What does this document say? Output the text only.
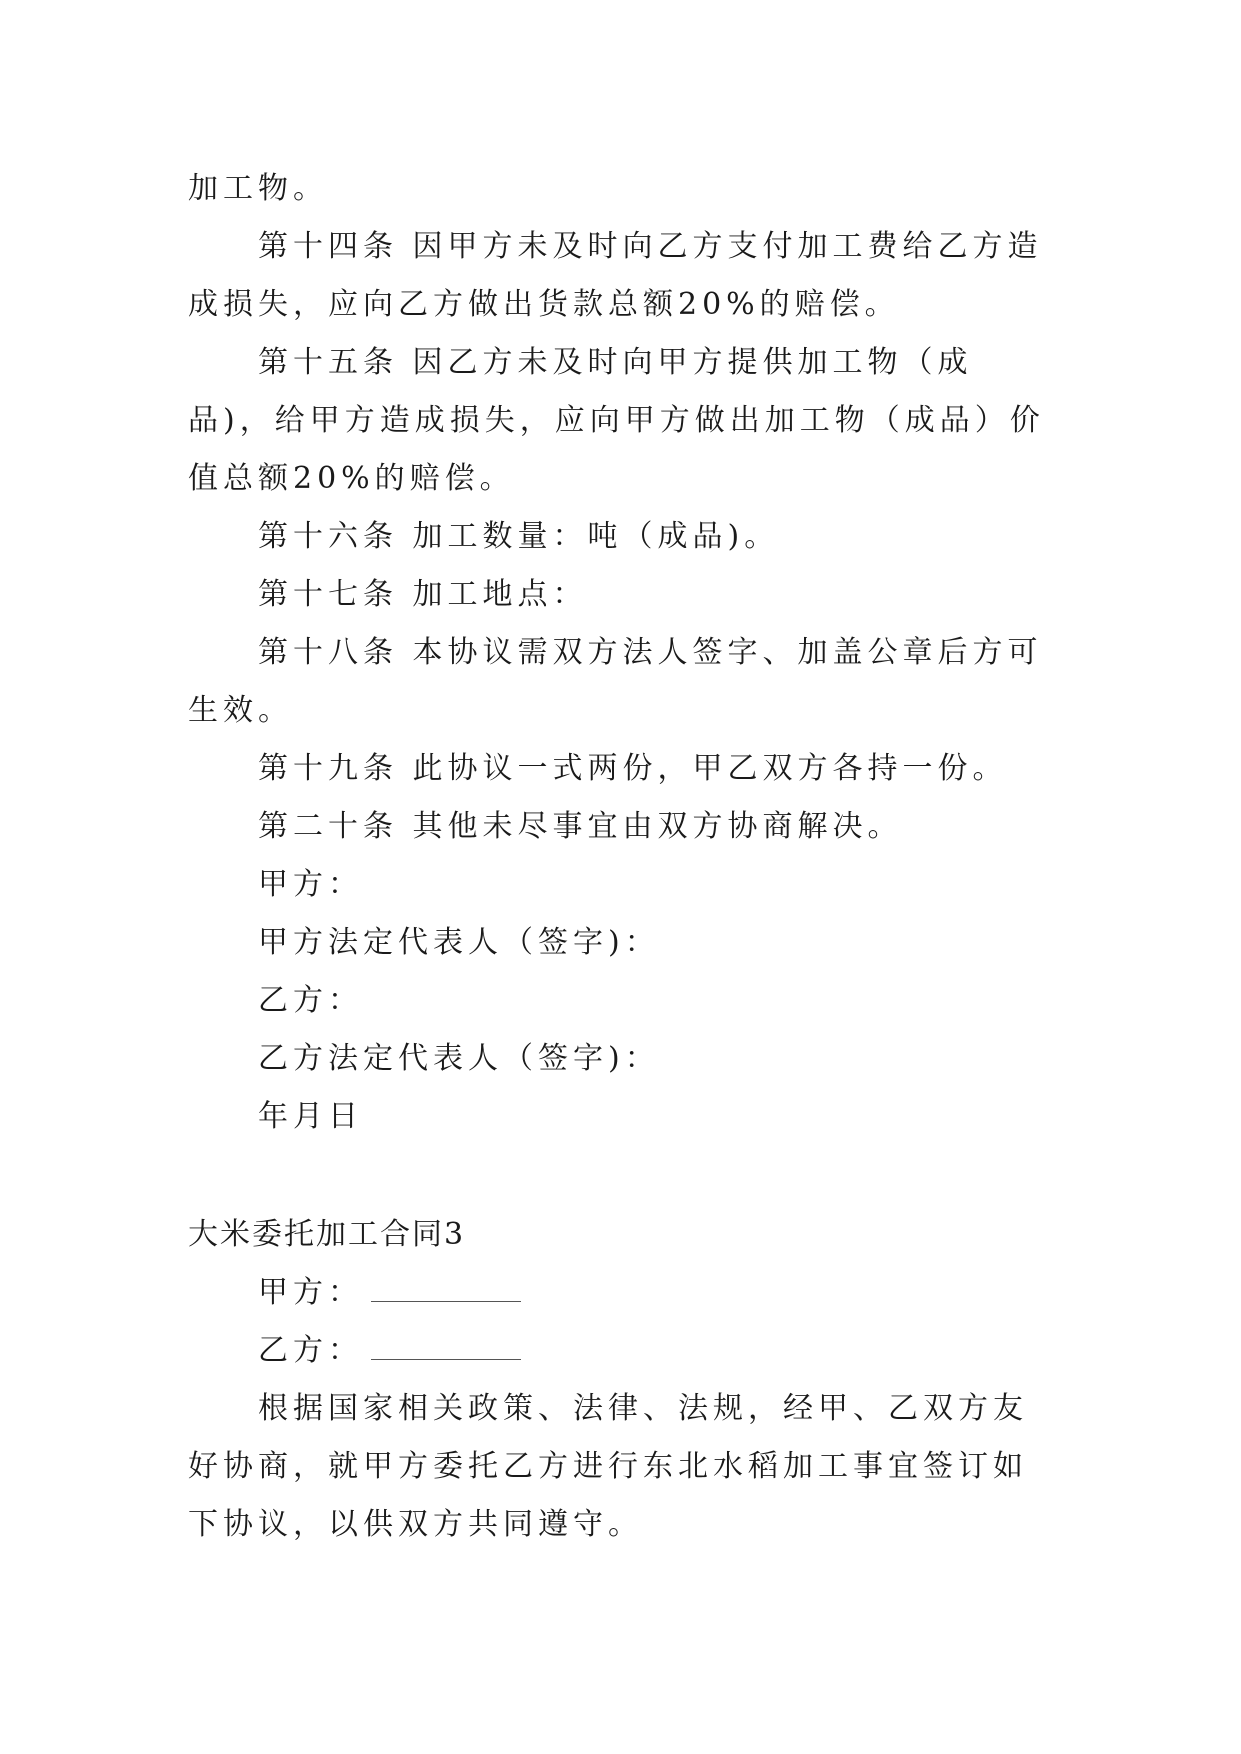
加工物。

第十四条 因甲方未及时向乙方支付加工费给乙方造成损失，应向乙方做出货款总额20%的赔偿。

第十五条 因乙方未及时向甲方提供加工物（成品)，给甲方造成损失，应向甲方做出加工物（成品）价值总额20%的赔偿。

第十六条 加工数量：吨（成品)。

第十七条 加工地点：

第十八条 本协议需双方法人签字、加盖公章后方可生效。

第十九条 此协议一式两份，甲乙双方各持一份。

第二十条 其他未尽事宜由双方协商解决。

甲方：

甲方法定代表人（签字)：

乙方：

乙方法定代表人（签字)：

年月日

大米委托加工合同3

甲方：

乙方：

根据国家相关政策、法律、法规，经甲、乙双方友好协商，就甲方委托乙方进行东北水稻加工事宜签订如下协议，以供双方共同遵守。
